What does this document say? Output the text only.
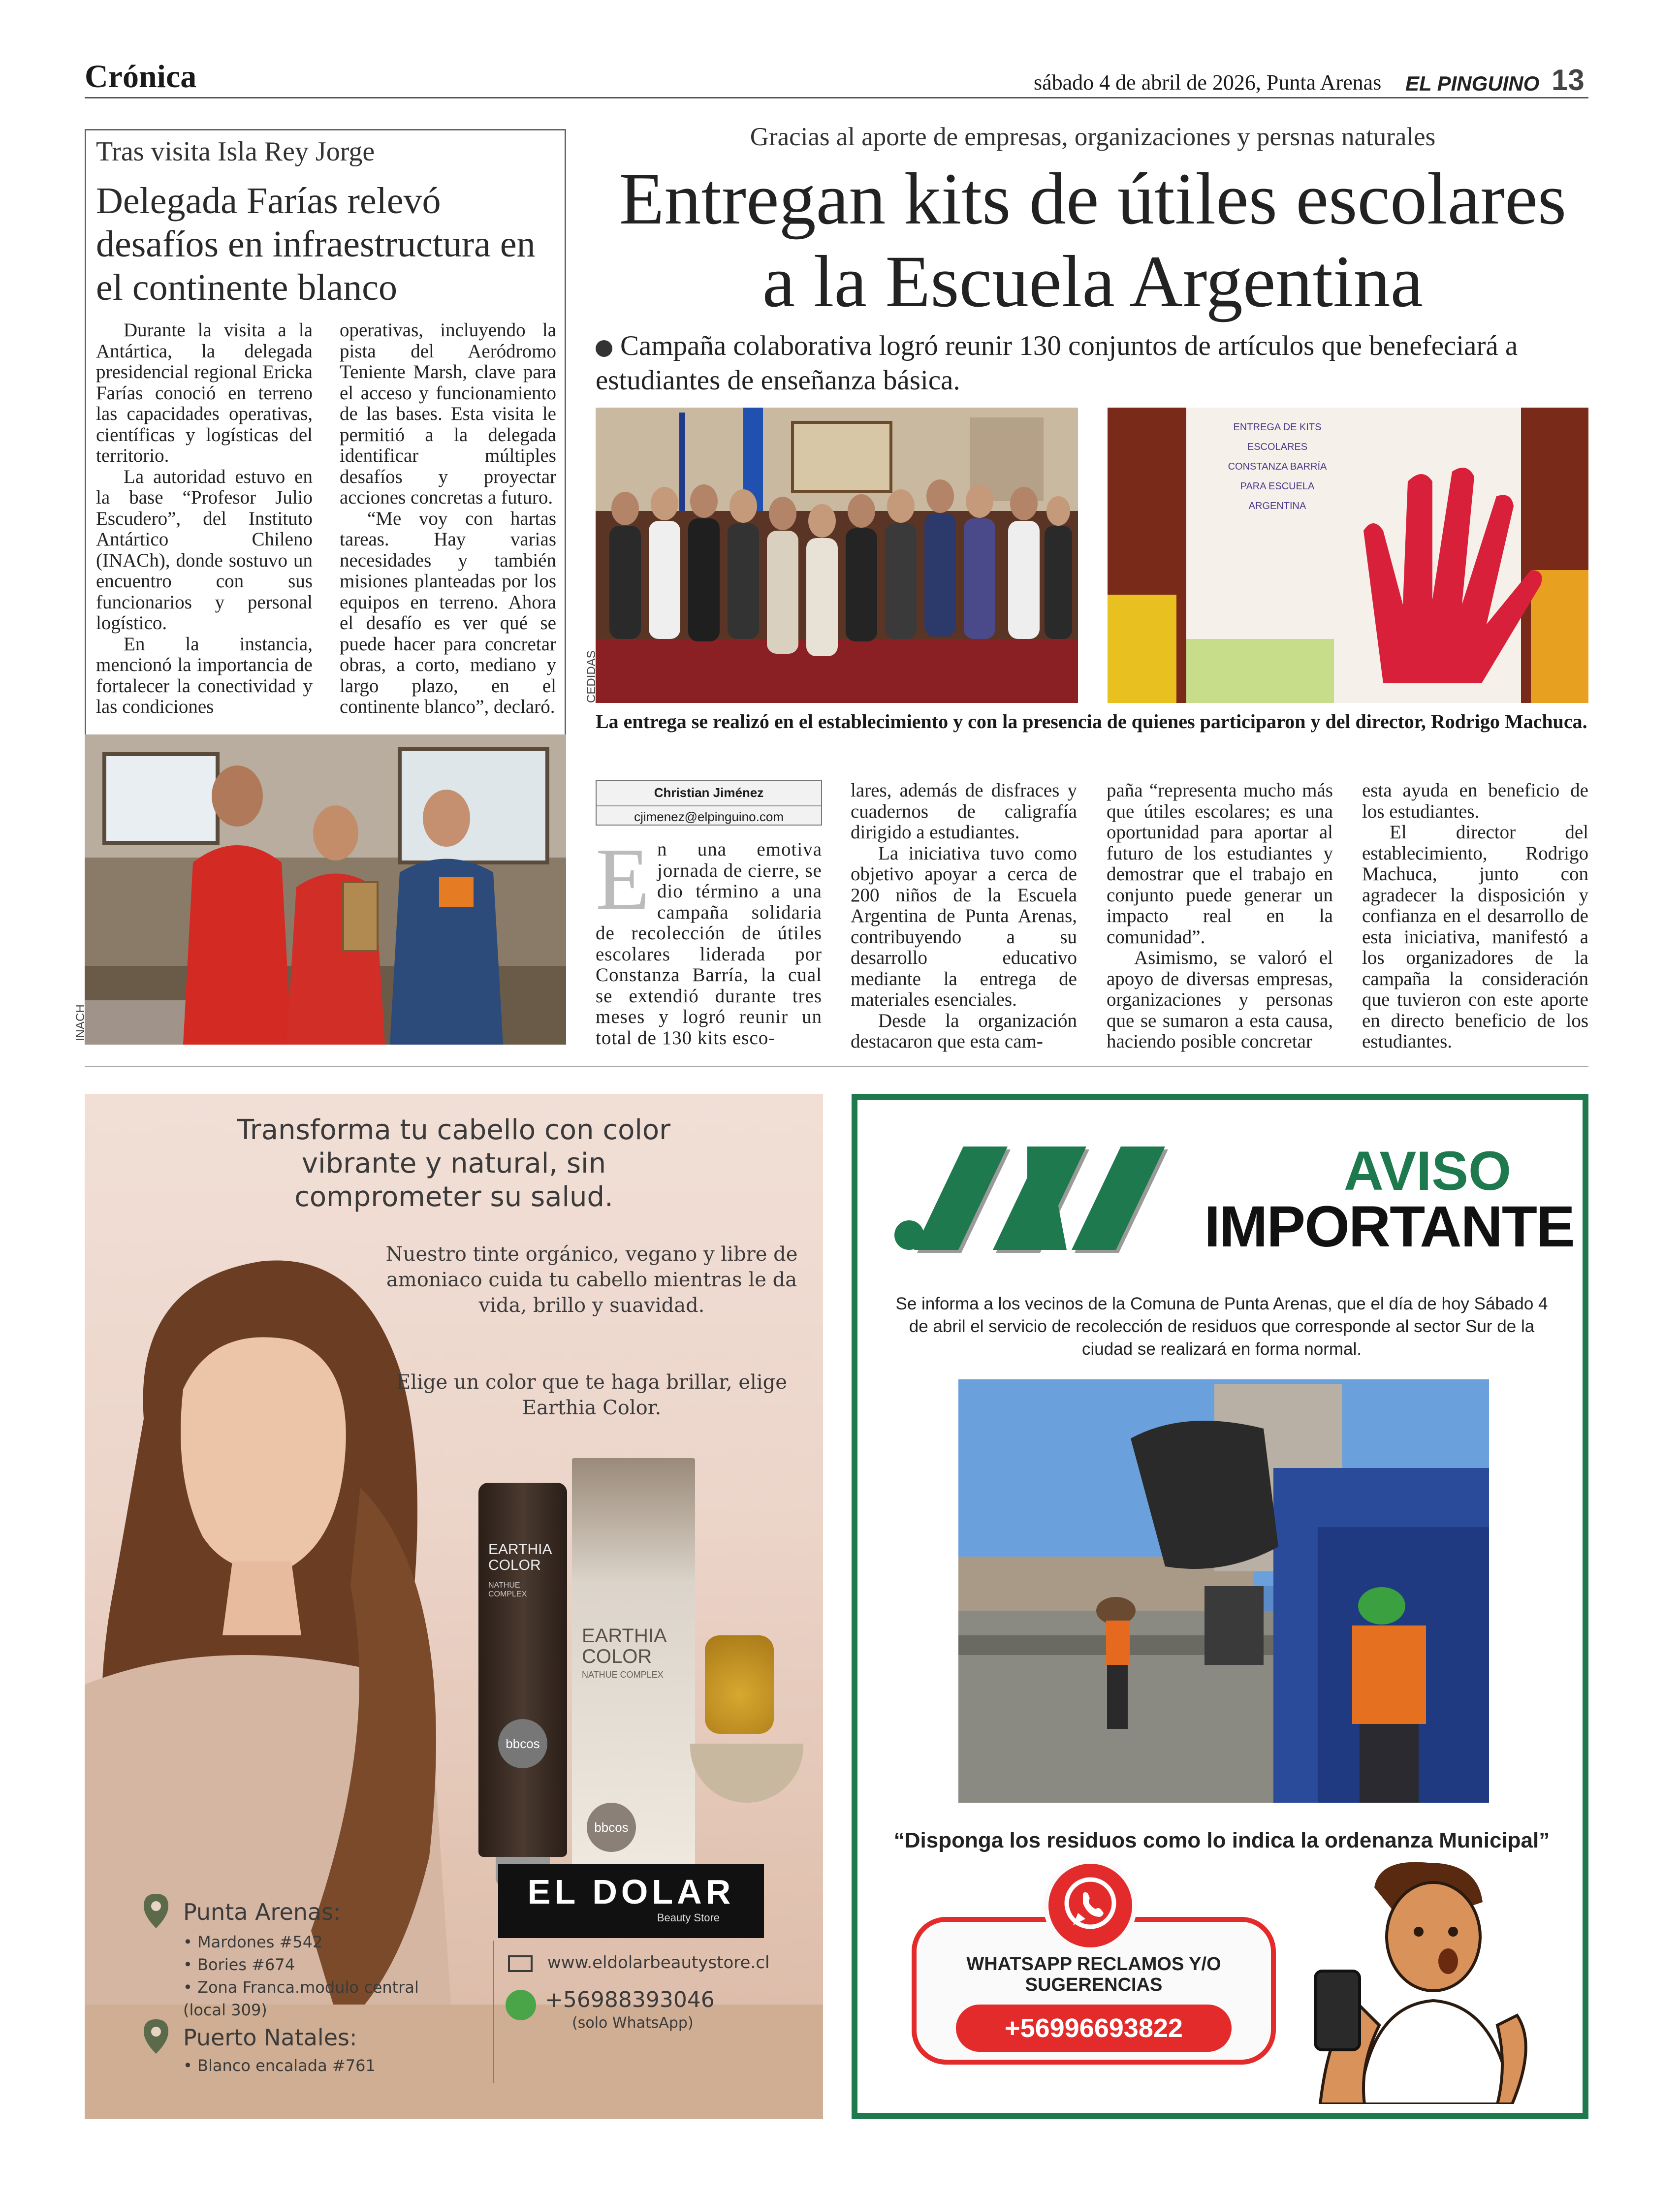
Crónica	sábado 4 de abril de 2026, Punta Arenas EL PINGUINO 13
Tras visita Isla Rey Jorge
Delegada Farías relevó desafíos en infraestructura en el continente blanco

Durante la visita a la Antártica, la delegada presidencial regional Ericka Farías conoció en terreno las capacidades operativas, científicas y logísticas del territorio.

La autoridad estuvo en la base “Profesor Julio Escudero”, del Instituto Antártico Chileno (INACh), donde sostuvo un encuentro con sus funcionarios y personal logístico.

En la instancia, mencionó la importancia de fortalecer la conectividad y las condiciones

operativas, incluyendo la pista del Aeródromo Teniente Marsh, clave para el acceso y funcionamiento de las bases. Esta visita le permitió a la delegada identificar múltiples desafíos y proyectar acciones concretas a futuro.

“Me voy con hartas tareas. Hay varias necesidades y también misiones planteadas por los equipos en terreno. Ahora el desafío es ver qué se puede hacer para concretar obras, a corto, mediano y largo plazo, en el continente blanco”, declaró.

INACH
Gracias al aporte de empresas, organizaciones y persnas naturales
Entregan kits de útiles escolares a la Escuela Argentina
Campaña colaborativa logró reunir 130 conjuntos de artículos que benefeciará a estudiantes de enseñanza básica.
ENTREGA DE KITS ESCOLARES CONSTANZA BARRÍA PARA ESCUELA ARGENTINA
CEDIDAS
La entrega se realizó en el establecimiento y con la presencia de quienes participaron y del director, Rodrigo Machuca.
Christian Jiménez
cjimenez@elpinguino.com
En una emotiva jornada de cierre, se dio término a una campaña solidaria de recolección de útiles escolares liderada por Constanza Barría, la cual se extendió durante tres meses y logró reunir un total de 130 kits esco-

lares, además de disfraces y cuadernos de caligrafía dirigido a estudiantes.

La iniciativa tuvo como objetivo apoyar a cerca de 200 niños de la Escuela Argentina de Punta Arenas, contribuyendo a su desarrollo educativo mediante la entrega de materiales esenciales.

Desde la organización destacaron que esta cam-

paña “representa mucho más que útiles escolares; es una oportunidad para aportar al futuro de los estudiantes y demostrar que el trabajo en conjunto puede generar un impacto real en la comunidad”.

Asimismo, se valoró el apoyo de diversas empresas, organizaciones y personas que se sumaron a esta causa, haciendo posible concretar

esta ayuda en beneficio de los estudiantes.

El director del establecimiento, Rodrigo Machuca, junto con agradecer la disposición y confianza en el desarrollo de esta iniciativa, manifestó a los organizadores de la campaña la consideración que tuvieron con este aporte en directo beneficio de los estudiantes.

Transforma tu cabello con color vibrante y natural, sin comprometer su salud.
Nuestro tinte orgánico, vegano y libre de amoniaco cuida tu cabello mientras le da vida, brillo y suavidad.
Elige un color que te haga brillar, elige Earthia Color.
EARTHIA COLOR
NATHUE COMPLEX
bbcos
EARTHIA COLOR
NATHUE COMPLEX
bbcos
Punta Arenas:
• Mardones #542
• Bories #674
• Zona Franca.modulo central (local 309)
Puerto Natales:
• Blanco encalada #761
EL DOLAR
Beauty Store
www.eldolarbeautystore.cl
+56988393046
(solo WhatsApp)
AVISO
IMPORTANTE
Se informa a los vecinos de la Comuna de Punta Arenas, que el día de hoy Sábado 4 de abril el servicio de recolección de residuos que corresponde al sector Sur de la ciudad se realizará en forma normal.
“Disponga los residuos como lo indica la ordenanza Municipal”
WHATSAPP RECLAMOS Y/O SUGERENCIAS
+56996693822
